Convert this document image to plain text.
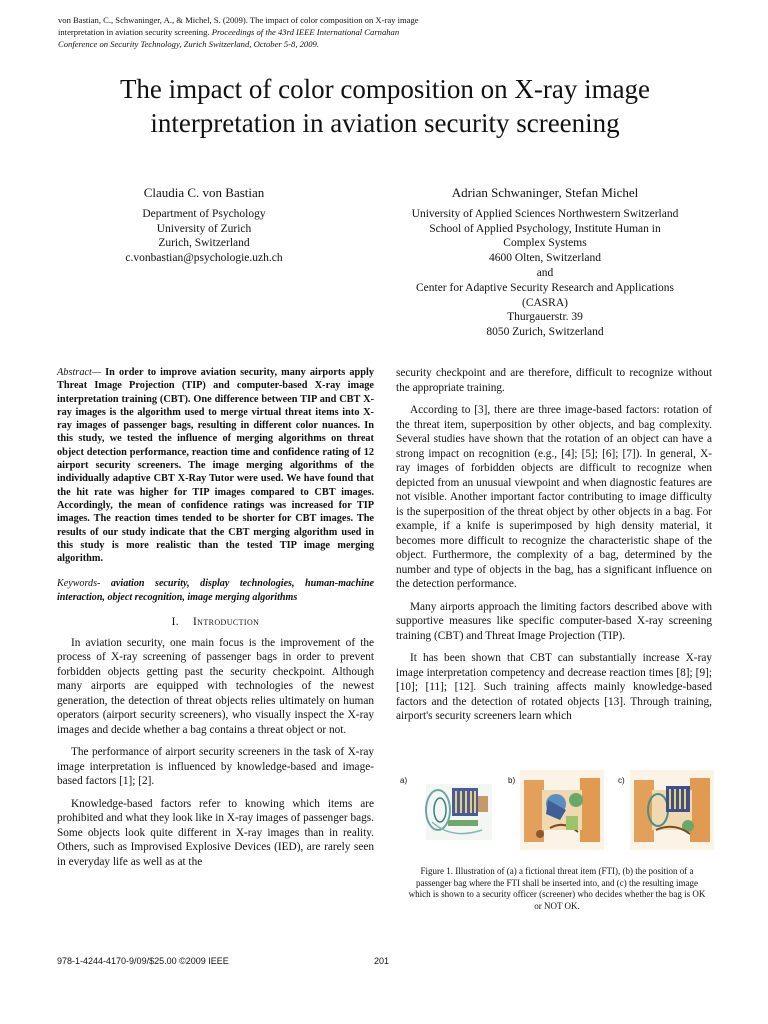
von Bastian, C., Schwaninger, A., & Michel, S. (2009). The impact of color composition on X-ray image interpretation in aviation security screening. Proceedings of the 43rd IEEE International Carnahan Conference on Security Technology, Zurich Switzerland, October 5-8, 2009.
The impact of color composition on X-ray image
interpretation in aviation security screening
Claudia C. von Bastian
Department of Psychology
University of Zurich
Zurich, Switzerland
c.vonbastian@psychologie.uzh.ch
Adrian Schwaninger, Stefan Michel
University of Applied Sciences Northwestern Switzerland
School of Applied Psychology, Institute Human in
Complex Systems
4600 Olten, Switzerland
and
Center for Adaptive Security Research and Applications
(CASRA)
Thurgauerstr. 39
8050 Zurich, Switzerland

Abstract— In order to improve aviation security, many airports apply Threat Image Projection (TIP) and computer-based X-ray image interpretation training (CBT). One difference between TIP and CBT X-ray images is the algorithm used to merge virtual threat items into X-ray images of passenger bags, resulting in different color nuances. In this study, we tested the influence of merging algorithms on threat object detection performance, reaction time and confidence rating of 12 airport security screeners. The image merging algorithms of the individually adaptive CBT X-Ray Tutor were used. We have found that the hit rate was higher for TIP images compared to CBT images. Accordingly, the mean of confidence ratings was increased for TIP images. The reaction times tended to be shorter for CBT images. The results of our study indicate that the CBT merging algorithm used in this study is more realistic than the tested TIP image merging algorithm.

Keywords- aviation security, display technologies, human-machine interaction, object recognition, image merging algorithms

I. Introduction

In aviation security, one main focus is the improvement of the process of X-ray screening of passenger bags in order to prevent forbidden objects getting past the security checkpoint. Although many airports are equipped with technologies of the newest generation, the detection of threat objects relies ultimately on human operators (airport security screeners), who visually inspect the X-ray images and decide whether a bag contains a threat object or not.

The performance of airport security screeners in the task of X-ray image interpretation is influenced by knowledge-based and image-based factors [1]; [2].

Knowledge-based factors refer to knowing which items are prohibited and what they look like in X-ray images of passenger bags. Some objects look quite different in X-ray images than in reality. Others, such as Improvised Explosive Devices (IED), are rarely seen in everyday life as well as at the

security checkpoint and are therefore, difficult to recognize without the appropriate training.

According to [3], there are three image-based factors: rotation of the threat item, superposition by other objects, and bag complexity. Several studies have shown that the rotation of an object can have a strong impact on recognition (e.g., [4]; [5]; [6]; [7]). In general, X-ray images of forbidden objects are difficult to recognize when depicted from an unusual viewpoint and when diagnostic features are not visible. Another important factor contributing to image difficulty is the superposition of the threat object by other objects in a bag. For example, if a knife is superimposed by high density material, it becomes more difficult to recognize the characteristic shape of the object. Furthermore, the complexity of a bag, determined by the number and type of objects in the bag, has a significant influence on the detection performance.

Many airports approach the limiting factors described above with supportive measures like specific computer-based X-ray screening training (CBT) and Threat Image Projection (TIP).

It has been shown that CBT can substantially increase X-ray image interpretation competency and decrease reaction times [8]; [9]; [10]; [11]; [12]. Such training affects mainly knowledge-based factors and the detection of rotated objects [13]. Through training, airport's security screeners learn which

a)	b)	c)
Figure 1. Illustration of (a) a fictional threat item (FTI), (b) the position of a passenger bag where the FTI shall be inserted into, and (c) the resulting image which is shown to a security officer (screener) who decides whether the bag is OK or NOT OK.
978-1-4244-4170-9/09/$25.00 ©2009 IEEE	201
